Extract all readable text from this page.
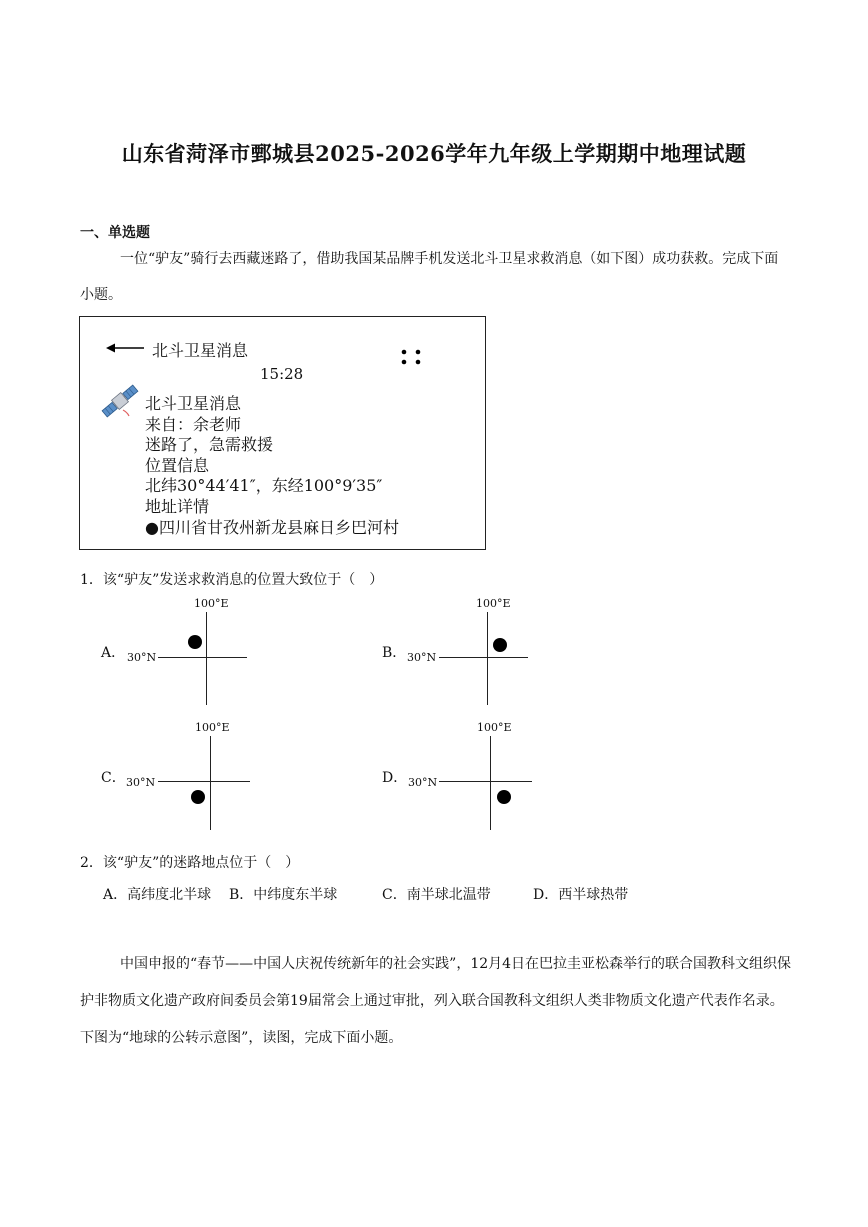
山东省菏泽市鄄城县2025-2026学年九年级上学期期中地理试题
一、单选题
一位“驴友”骑行去西藏迷路了，借助我国某品牌手机发送北斗卫星求救消息（如下图）成功获救。完成下面小题。
北斗卫星消息
15:28
北斗卫星消息
来自：余老师
迷路了，急需救援
位置信息
北纬30°44′41″，东经100°9′35″
地址详情
●四川省甘孜州新龙县麻日乡巴河村
1．该“驴友”发送求救消息的位置大致位于（　）
A．
100°E
30°N	B．
100°E
30°N
C．
100°E
30°N	D．
100°E
30°N
2．该“驴友”的迷路地点位于（　）
A．高纬度北半球 B．中纬度东半球	C．南半球北温带	D．西半球热带
中国申报的“春节——中国人庆祝传统新年的社会实践”，12月4日在巴拉圭亚松森举行的联合国教科文组织保护非物质文化遗产政府间委员会第19届常会上通过审批，列入联合国教科文组织人类非物质文化遗产代表作名录。下图为“地球的公转示意图”，读图，完成下面小题。
